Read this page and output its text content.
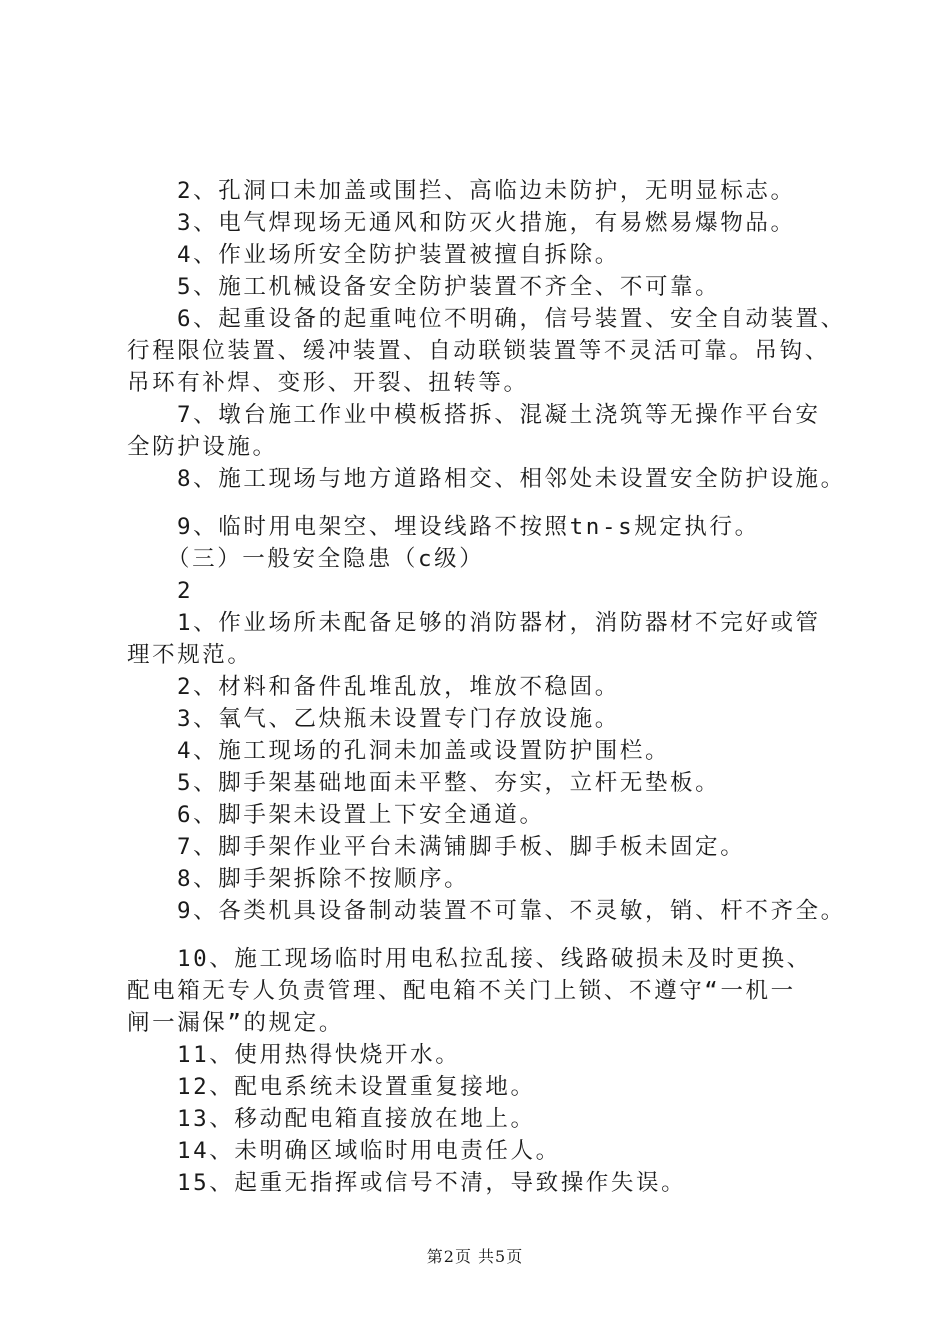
2、孔洞口未加盖或围拦、高临边未防护，无明显标志。
3、电气焊现场无通风和防灭火措施，有易燃易爆物品。
4、作业场所安全防护装置被擅自拆除。
5、施工机械设备安全防护装置不齐全、不可靠。
6、起重设备的起重吨位不明确，信号装置、安全自动装置、
行程限位装置、缓冲装置、自动联锁装置等不灵活可靠。吊钩、
吊环有补焊、变形、开裂、扭转等。
7、墩台施工作业中模板搭拆、混凝土浇筑等无操作平台安
全防护设施。
8、施工现场与地方道路相交、相邻处未设置安全防护设施。
9、临时用电架空、埋设线路不按照tn-s规定执行。
（三）一般安全隐患（c级）
2
1、作业场所未配备足够的消防器材，消防器材不完好或管
理不规范。
2、材料和备件乱堆乱放，堆放不稳固。
3、氧气、乙炔瓶未设置专门存放设施。
4、施工现场的孔洞未加盖或设置防护围栏。
5、脚手架基础地面未平整、夯实，立杆无垫板。
6、脚手架未设置上下安全通道。
7、脚手架作业平台未满铺脚手板、脚手板未固定。
8、脚手架拆除不按顺序。
9、各类机具设备制动装置不可靠、不灵敏，销、杆不齐全。
10、施工现场临时用电私拉乱接、线路破损未及时更换、
配电箱无专人负责管理、配电箱不关门上锁、不遵守“一机一
闸一漏保”的规定。
11、使用热得快烧开水。
12、配电系统未设置重复接地。
13、移动配电箱直接放在地上。
14、未明确区域临时用电责任人。
15、起重无指挥或信号不清，导致操作失误。
第2页 共5页
